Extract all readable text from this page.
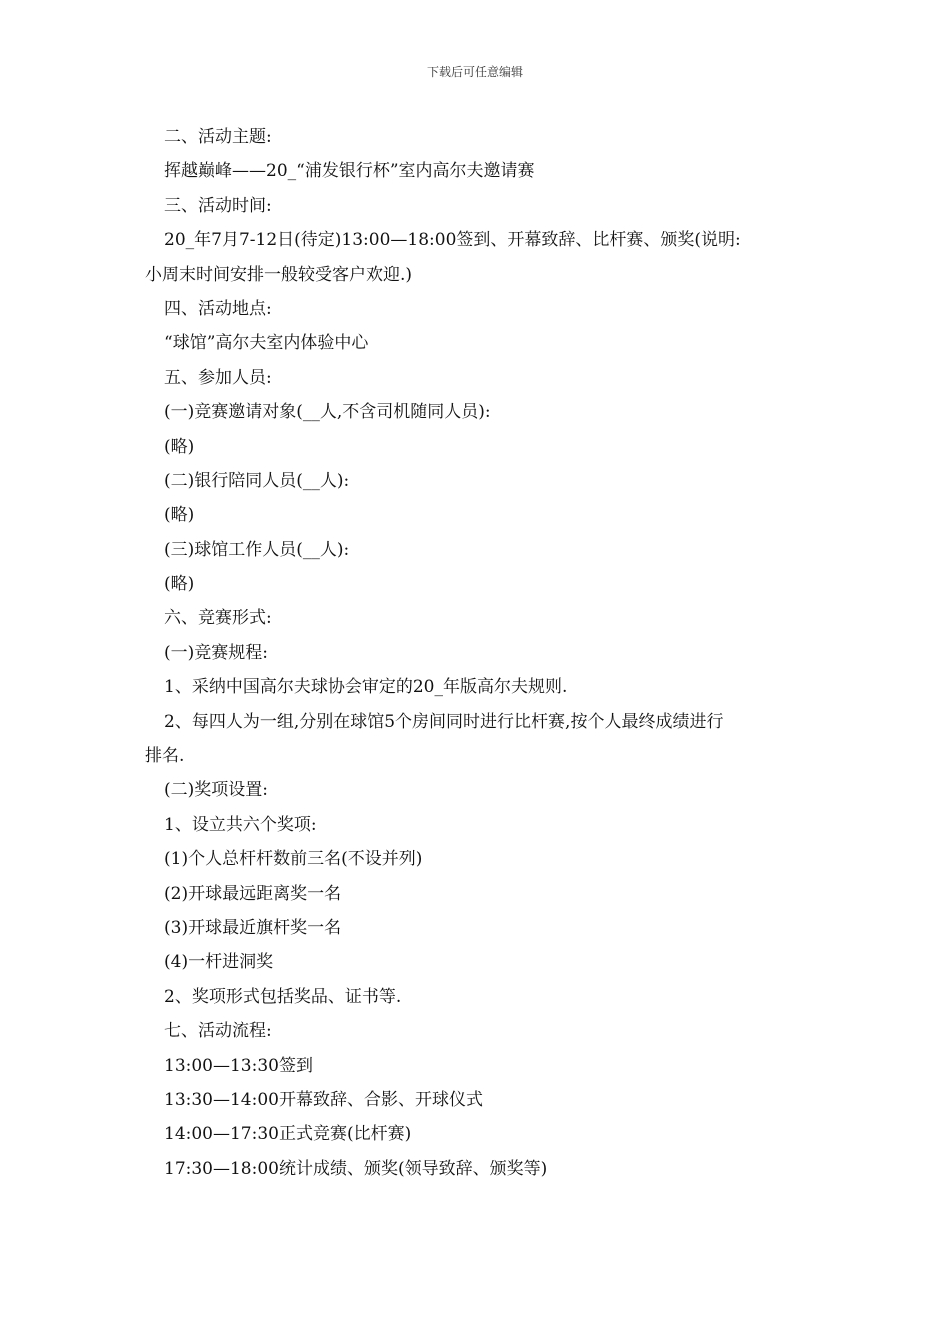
下载后可任意编辑
二、活动主题:
挥越巅峰——20_“浦发银行杯”室内高尔夫邀请赛
三、活动时间:
20_年7月7-12日(待定)13:00—18:00签到、开幕致辞、比杆赛、颁奖(说明:
小周末时间安排一般较受客户欢迎.)
四、活动地点:
“球馆”高尔夫室内体验中心
五、参加人员:
(一)竞赛邀请对象(__人,不含司机随同人员):
(略)
(二)银行陪同人员(__人):
(略)
(三)球馆工作人员(__人):
(略)
六、竞赛形式:
(一)竞赛规程:
1、采纳中国高尔夫球协会审定的20_年版高尔夫规则.
2、每四人为一组,分别在球馆5个房间同时进行比杆赛,按个人最终成绩进行
排名.
(二)奖项设置:
1、设立共六个奖项:
(1)个人总杆杆数前三名(不设并列)
(2)开球最远距离奖一名
(3)开球最近旗杆奖一名
(4)一杆进洞奖
2、奖项形式包括奖品、证书等.
七、活动流程:
13:00—13:30签到
13:30—14:00开幕致辞、合影、开球仪式
14:00—17:30正式竞赛(比杆赛)
17:30—18:00统计成绩、颁奖(领导致辞、颁奖等)
